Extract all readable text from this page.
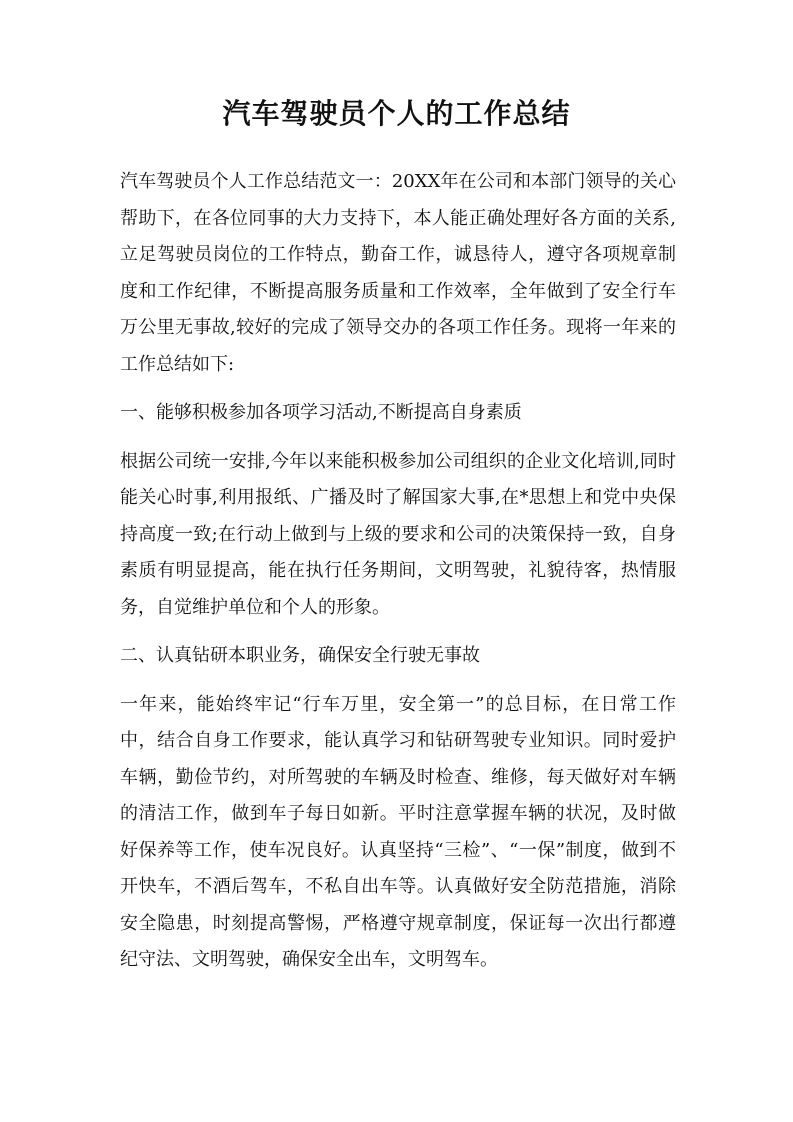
汽车驾驶员个人的工作总结

汽车驾驶员个人工作总结范文一：20XX年在公司和本部门领导的关心帮助下，在各位同事的大力支持下，本人能正确处理好各方面的关系,立足驾驶员岗位的工作特点，勤奋工作，诚恳待人，遵守各项规章制度和工作纪律，不断提高服务质量和工作效率，全年做到了安全行车万公里无事故,较好的完成了领导交办的各项工作任务。现将一年来的工作总结如下:

一、能够积极参加各项学习活动,不断提高自身素质

根据公司统一安排,今年以来能积极参加公司组织的企业文化培训,同时能关心时事,利用报纸、广播及时了解国家大事,在*思想上和党中央保持高度一致;在行动上做到与上级的要求和公司的决策保持一致，自身素质有明显提高，能在执行任务期间，文明驾驶，礼貌待客，热情服务，自觉维护单位和个人的形象。

二、认真钻研本职业务，确保安全行驶无事故

一年来，能始终牢记“行车万里，安全第一”的总目标，在日常工作中，结合自身工作要求，能认真学习和钻研驾驶专业知识。同时爱护车辆，勤俭节约，对所驾驶的车辆及时检查、维修，每天做好对车辆的清洁工作，做到车子每日如新。平时注意掌握车辆的状况，及时做好保养等工作，使车况良好。认真坚持“三检”、“一保”制度，做到不开快车，不酒后驾车，不私自出车等。认真做好安全防范措施，消除安全隐患，时刻提高警惕，严格遵守规章制度，保证每一次出行都遵纪守法、文明驾驶，确保安全出车，文明驾车。
